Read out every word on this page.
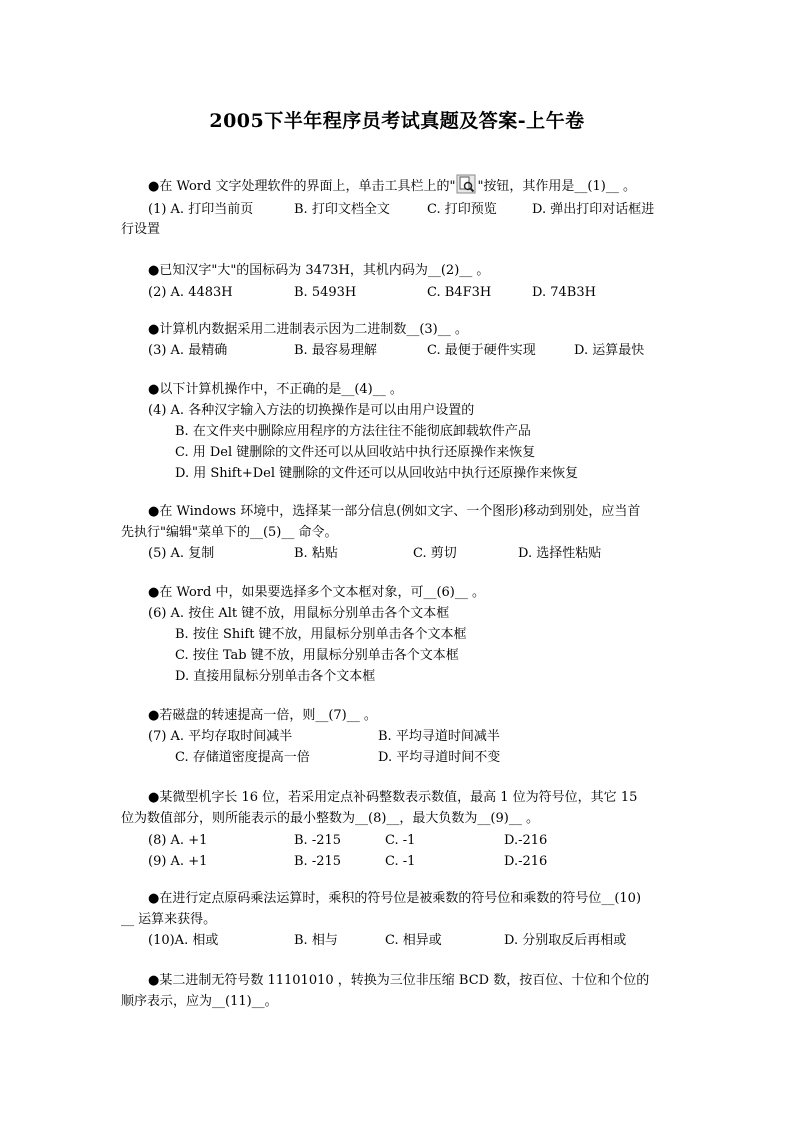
2005下半年程序员考试真题及答案-上午卷
●在 Word 文字处理软件的界面上，单击工具栏上的" "按钮，其作用是__(1)__ 。
(1) A. 打印当前页	B. 打印文档全文	C. 打印预览	D. 弹出打印对话框进
行设置
●已知汉字"大"的国标码为 3473H，其机内码为__(2)__ 。
(2) A. 4483H	B. 5493H	C. B4F3H	D. 74B3H
●计算机内数据采用二进制表示因为二进制数__(3)__ 。
(3) A. 最精确	B. 最容易理解	C. 最便于硬件实现	D. 运算最快
●以下计算机操作中，不正确的是__(4)__ 。
(4) A. 各种汉字输入方法的切换操作是可以由用户设置的
B. 在文件夹中删除应用程序的方法往往不能彻底卸载软件产品
C. 用 Del 键删除的文件还可以从回收站中执行还原操作来恢复
D. 用 Shift+Del 键删除的文件还可以从回收站中执行还原操作来恢复
●在 Windows 环境中，选择某一部分信息(例如文字、一个图形)移动到别处，应当首
先执行"编辑"菜单下的__(5)__ 命令。
(5) A. 复制	B. 粘贴	C. 剪切	D. 选择性粘贴
●在 Word 中，如果要选择多个文本框对象，可__(6)__ 。
(6) A. 按住 Alt 键不放，用鼠标分别单击各个文本框
B. 按住 Shift 键不放，用鼠标分别单击各个文本框
C. 按住 Tab 键不放，用鼠标分别单击各个文本框
D. 直接用鼠标分别单击各个文本框
●若磁盘的转速提高一倍，则__(7)__ 。
(7) A. 平均存取时间减半	B. 平均寻道时间减半
C. 存储道密度提高一倍	D. 平均寻道时间不变
●某微型机字长 16 位，若采用定点补码整数表示数值，最高 1 位为符号位，其它 15
位为数值部分，则所能表示的最小整数为__(8)__，最大负数为__(9)__ 。
(8) A. +1	B. -215	C. -1	D.-216
(9) A. +1	B. -215	C. -1	D.-216
●在进行定点原码乘法运算时，乘积的符号位是被乘数的符号位和乘数的符号位__(10)
__ 运算来获得。
(10)A. 相或	B. 相与	C. 相异或	D. 分别取反后再相或
●某二进制无符号数 11101010 ，转换为三位非压缩 BCD 数，按百位、十位和个位的
顺序表示，应为__(11)__。
